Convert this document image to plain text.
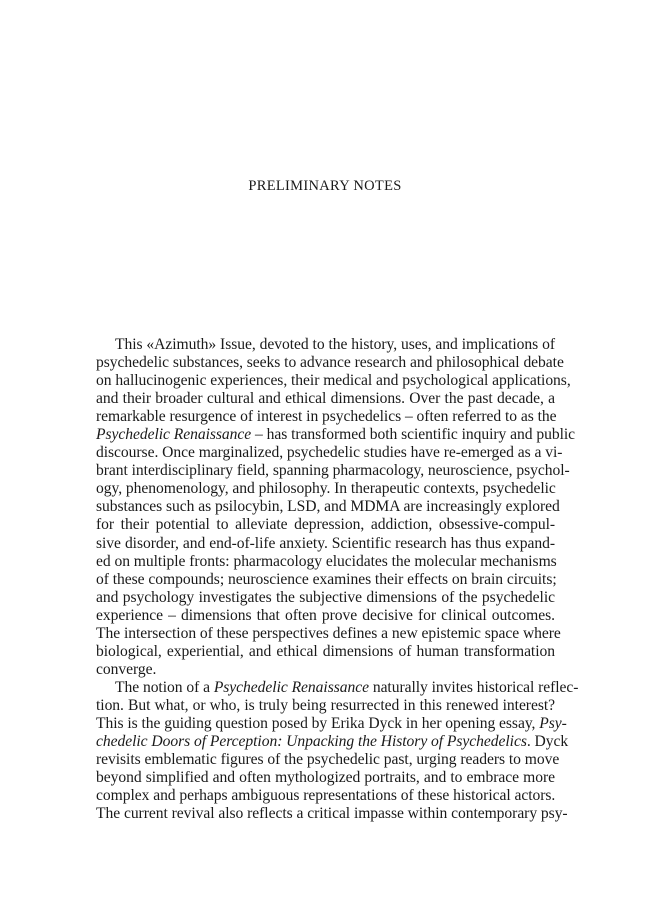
PRELIMINARY NOTES
This «Azimuth» Issue, devoted to the history, uses, and implications of
psychedelic substances, seeks to advance research and philosophical debate
on hallucinogenic experiences, their medical and psychological applications,
and their broader cultural and ethical dimensions. Over the past decade, a
remarkable resurgence of interest in psychedelics – often referred to as the
Psychedelic Renaissance – has transformed both scientific inquiry and public
discourse. Once marginalized, psychedelic studies have re-emerged as a vi-
brant interdisciplinary field, spanning pharmacology, neuroscience, psychol-
ogy, phenomenology, and philosophy. In therapeutic contexts, psychedelic
substances such as psilocybin, LSD, and MDMA are increasingly explored
for their potential to alleviate depression, addiction, obsessive-compul-
sive disorder, and end-of-life anxiety. Scientific research has thus expand-
ed on multiple fronts: pharmacology elucidates the molecular mechanisms
of these compounds; neuroscience examines their effects on brain circuits;
and psychology investigates the subjective dimensions of the psychedelic
experience – dimensions that often prove decisive for clinical outcomes.
The intersection of these perspectives defines a new epistemic space where
biological, experiential, and ethical dimensions of human transformation
converge.
The notion of a Psychedelic Renaissance naturally invites historical reflec-
tion. But what, or who, is truly being resurrected in this renewed interest?
This is the guiding question posed by Erika Dyck in her opening essay, Psy-
chedelic Doors of Perception: Unpacking the History of Psychedelics. Dyck
revisits emblematic figures of the psychedelic past, urging readers to move
beyond simplified and often mythologized portraits, and to embrace more
complex and perhaps ambiguous representations of these historical actors.
The current revival also reflects a critical impasse within contemporary psy-
